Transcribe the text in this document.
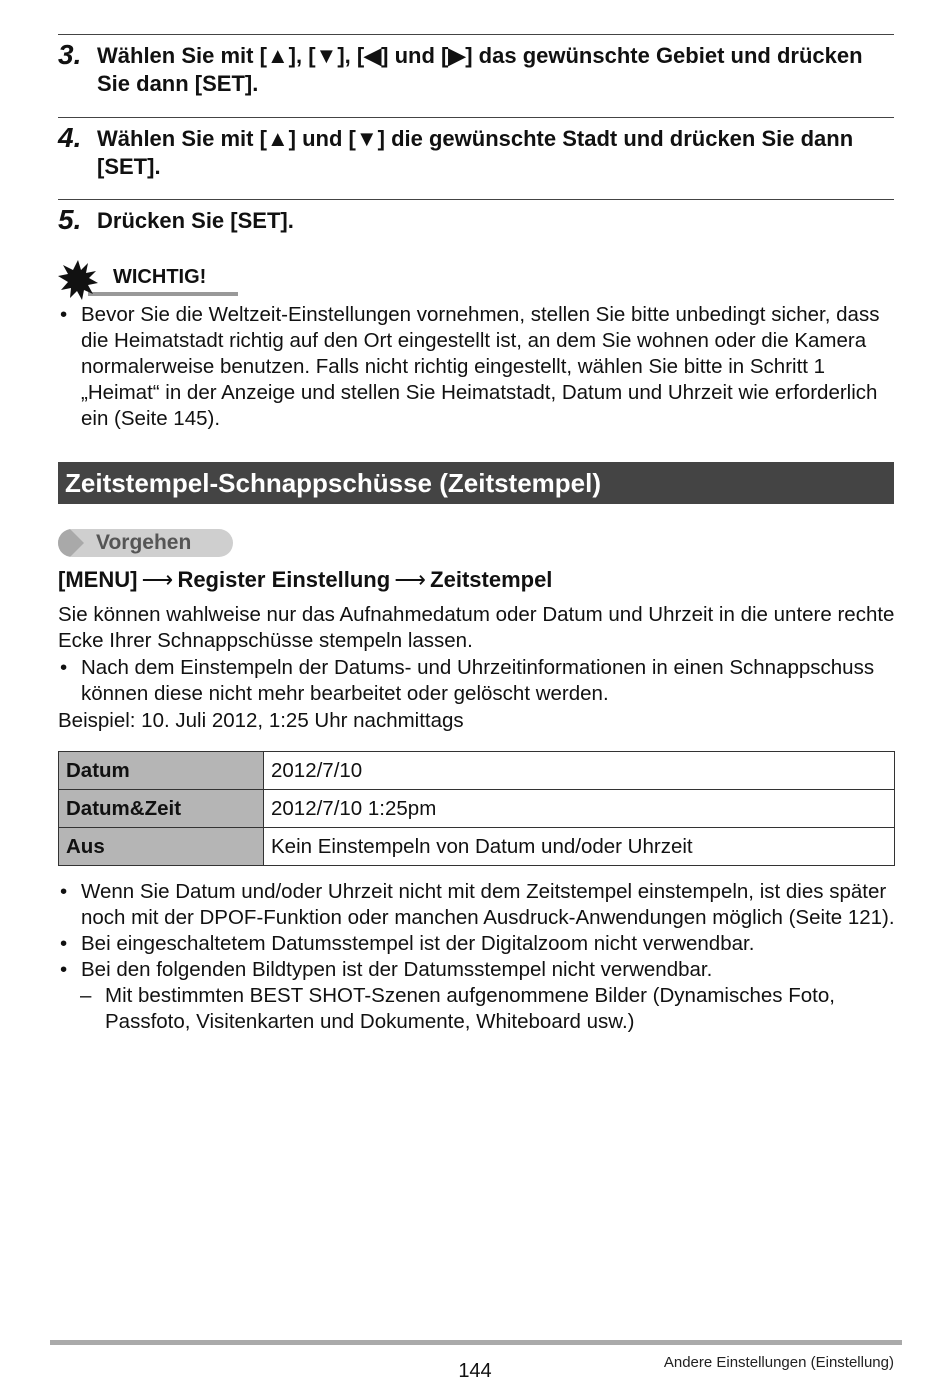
3. Wählen Sie mit [▲], [▼], [◀] und [▶] das gewünschte Gebiet und drücken Sie dann [SET].
4. Wählen Sie mit [▲] und [▼] die gewünschte Stadt und drücken Sie dann [SET].
5. Drücken Sie [SET].
WICHTIG!
• Bevor Sie die Weltzeit-Einstellungen vornehmen, stellen Sie bitte unbedingt sicher, dass die Heimatstadt richtig auf den Ort eingestellt ist, an dem Sie wohnen oder die Kamera normalerweise benutzen. Falls nicht richtig eingestellt, wählen Sie bitte in Schritt 1 „Heimat“ in der Anzeige und stellen Sie Heimatstadt, Datum und Uhrzeit wie erforderlich ein (Seite 145).
Zeitstempel-Schnappschüsse (Zeitstempel)
Vorgehen
[MENU] ⟶ Register Einstellung ⟶ Zeitstempel

Sie können wahlweise nur das Aufnahmedatum oder Datum und Uhrzeit in die untere rechte Ecke Ihrer Schnappschüsse stempeln lassen.

• Nach dem Einstempeln der Datums- und Uhrzeitinformationen in einen Schnappschuss können diese nicht mehr bearbeitet oder gelöscht werden.

Beispiel: 10. Juli 2012, 1:25 Uhr nachmittags

Datum	2012/7/10
Datum&Zeit	2012/7/10 1:25pm
Aus	Kein Einstempeln von Datum und/oder Uhrzeit
• Wenn Sie Datum und/oder Uhrzeit nicht mit dem Zeitstempel einstempeln, ist dies später noch mit der DPOF-Funktion oder manchen Ausdruck-Anwendungen möglich (Seite 121).
• Bei eingeschaltetem Datumsstempel ist der Digitalzoom nicht verwendbar.
• Bei den folgenden Bildtypen ist der Datumsstempel nicht verwendbar.
– Mit bestimmten BEST SHOT-Szenen aufgenommene Bilder (Dynamisches Foto, Passfoto, Visitenkarten und Dokumente, Whiteboard usw.)
144	Andere Einstellungen (Einstellung)
